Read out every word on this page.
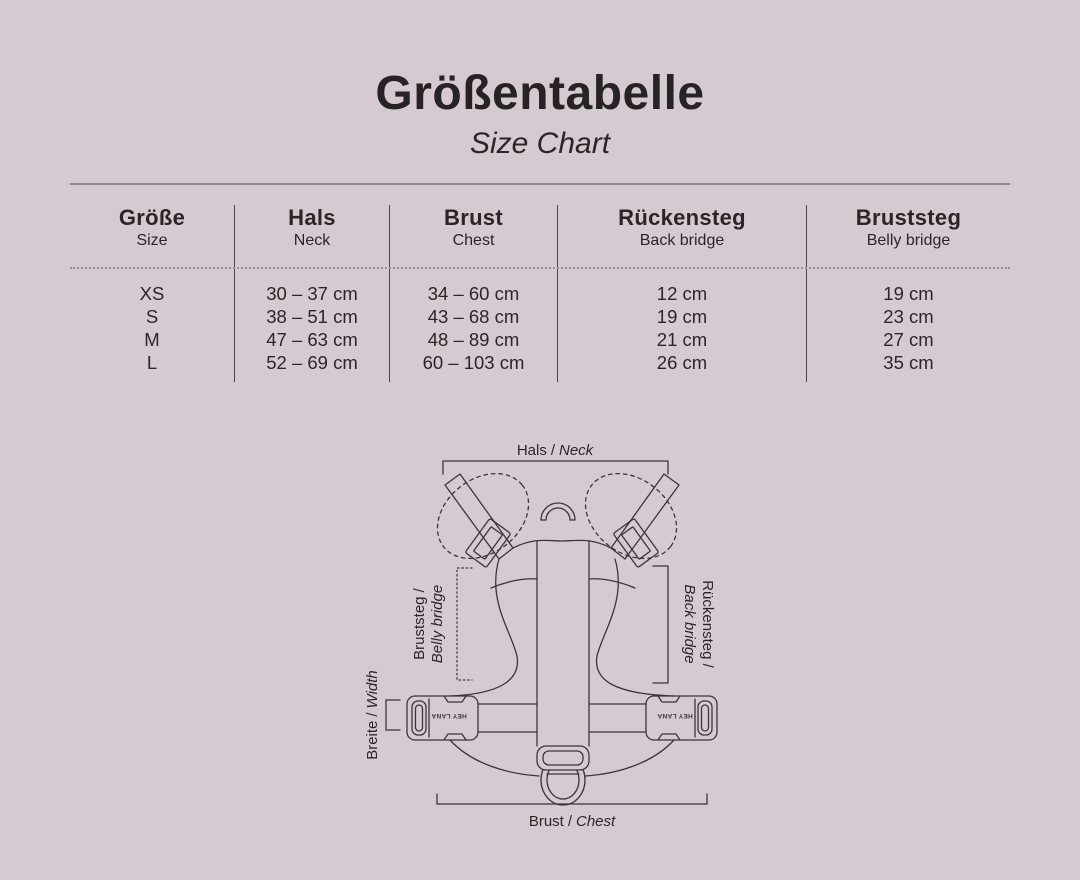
Größentabelle
Size Chart
Größe
Size
XS
S
M
L
Hals
Neck
30 – 37 cm
38 – 51 cm
47 – 63 cm
52 – 69 cm
Brust
Chest
34 – 60 cm
43 – 68 cm
48 – 89 cm
60 – 103 cm
Rückensteg
Back bridge
12 cm
19 cm
21 cm
26 cm
Bruststeg
Belly bridge
19 cm
23 cm
27 cm
35 cm
Hals / Neck
Bruststeg / Belly bridge	Rückensteg /
Back bridge
Breite/Width
Brust / Chest
HEY LANA	HEY LANA
